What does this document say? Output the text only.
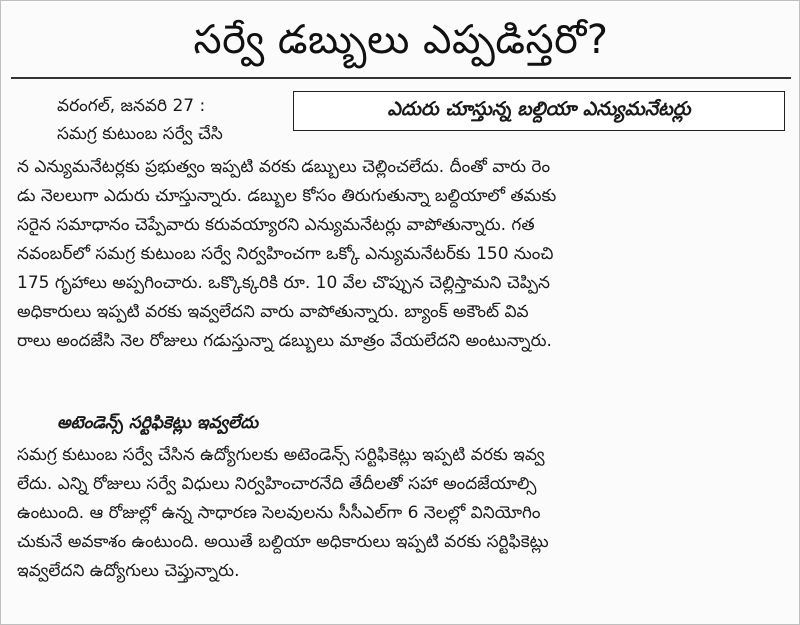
సర్వే డబ్బులు ఎప్పడిస్తరో?
వరంగల్, జనవరి 27 :
సమగ్ర కుటుంబ సర్వే చేసి
ఎదురు చూస్తున్న బల్దియా ఎన్యుమనేటర్లు
న ఎన్యుమనేటర్లకు ప్రభుత్వం ఇప్పటి వరకు డబ్బులు చెల్లించలేదు. దీంతో వారు రెం
డు నెలలుగా ఎదురు చూస్తున్నారు. డబ్బుల కోసం తిరుగుతున్నా బల్దియాలో తమకు
సరైన సమాధానం చెప్పేవారు కరువయ్యారని ఎన్యుమనేటర్లు వాపోతున్నారు. గత
నవంబర్‌లో సమగ్ర కుటుంబ సర్వే నిర్వహించగా ఒక్కో ఎన్యుమనేటర్‌కు 150 నుంచి
175 గృహాలు అప్పగించారు. ఒక్కొక్కరికి రూ. 10 వేల చొప్పున చెల్లిస్తామని చెప్పిన
అధికారులు ఇప్పటి వరకు ఇవ్వలేదని వారు వాపోతున్నారు. బ్యాంక్ అకౌంట్ వివ
రాలు అందజేసి నెల రోజులు గడుస్తున్నా డబ్బులు మాత్రం వేయలేదని అంటున్నారు.
అటెండెన్స్ సర్టిఫికెట్లు ఇవ్వలేదు
సమగ్ర కుటుంబ సర్వే చేసిన ఉద్యోగులకు అటెండెన్స్ సర్టిఫికెట్లు ఇప్పటి వరకు ఇవ్వ
లేదు. ఎన్ని రోజులు సర్వే విధులు నిర్వహించారనేది తేదీలతో సహా అందజేయాల్సి
ఉంటుంది. ఆ రోజుల్లో ఉన్న సాధారణ సెలవులను సీసీఎల్‌గా 6 నెలల్లో వినియోగిం
చుకునే అవకాశం ఉంటుంది. అయితే బల్దియా అధికారులు ఇప్పటి వరకు సర్టిఫికెట్లు
ఇవ్వలేదని ఉద్యోగులు చెప్తున్నారు.
